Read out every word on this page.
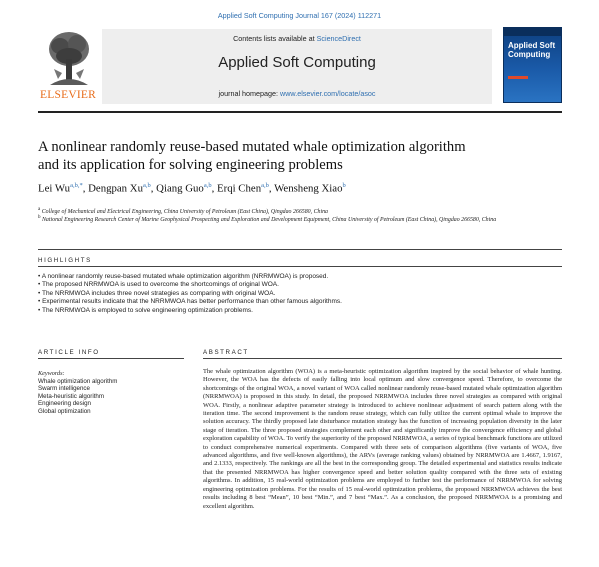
Applied Soft Computing Journal 167 (2024) 112271
ELSEVIER
Contents lists available at ScienceDirect
Applied Soft Computing
journal homepage: www.elsevier.com/locate/asoc
Applied Soft Computing
A nonlinear randomly reuse-based mutated whale optimization algorithm
and its application for solving engineering problems
Lei $Wu^{a,b,*}$, Dengpan Xu$^{a,b}$, Qiang Guo$^{a,b}$, Erqi Chen$^{a,b}$, Wensheng Xiao$^b$
$^a$ College of Mechanical and Electrical Engineering, China University of Petroleum (East China), Qingdao 266580, China
$^b$ National Engineering Research Center of Marine Geophysical Prospecting and Exploration and Development Equipment, China University of Petroleum (East China), Qingdao 266580, China
HIGHLIGHTS
• A nonlinear randomly reuse-based mutated whale optimization algorithm (NRRMWOA) is proposed.
• The proposed NRRMWOA is used to overcome the shortcomings of original WOA.
• The NRRMWOA includes three novel strategies as comparing with original WOA.
• Experimental results indicate that the NRRMWOA has better performance than other famous algorithms.
• The NRRMWOA is employed to solve engineering optimization problems.
ARTICLE INFO
Keywords:
Whale optimization algorithm
Swarm intelligence
Meta-heuristic algorithm
Engineering design
Global optimization
ABSTRACT
The whale optimization algorithm (WOA) is a meta-heuristic optimization algorithm inspired by the social behavior of whale hunting. However, the WOA has the defects of easily falling into local optimum and slow convergence speed. Therefore, to overcome the shortcomings of the original WOA, a novel variant of WOA called nonlinear randomly reuse-based mutated whale optimization algorithm (NRRMWOA) is proposed in this study. In detail, the proposed NRRMWOA includes three novel strategies as compared with original WOA. Firstly, a nonlinear adaptive parameter strategy is introduced to achieve nonlinear adjustment of search pattern along with the iteration time. The second improvement is the random reuse strategy, which can fully utilize the current optimal whale to improve the solution accuracy. The thirdly proposed late disturbance mutation strategy has the function of increasing population diversity in the later stage of iteration. The three proposed strategies complement each other and significantly improve the convergence efficiency and global exploration capability of WOA. To verify the superiority of the proposed NRRMWOA, a series of typical benchmark functions are utilized to conduct comprehensive numerical experiments. Compared with three sets of comparison algorithms (five variants of WOA, five advanced algorithms, and five well-known algorithms), the ARVs (average ranking values) obtained by NRRMWOA are 1.4667, 1.9167, and 2.1333, respectively. The rankings are all the best in the corresponding group. The detailed experimental and statistics results indicate that the presented NRRMWOA has higher convergence speed and better solution quality compared with the three sets of existing algorithms. In addition, 15 real-world optimization problems are employed to further test the performance of NRRMWOA for solving engineering optimization problems. For the results of 15 real-world optimization problems, the proposed NRRMWOA achieves the best results including 8 best “Mean”, 10 best “Min.”, and 7 best “Max.”. As a conclusion, the proposed NRRMWOA is a promising and excellent algorithm.
